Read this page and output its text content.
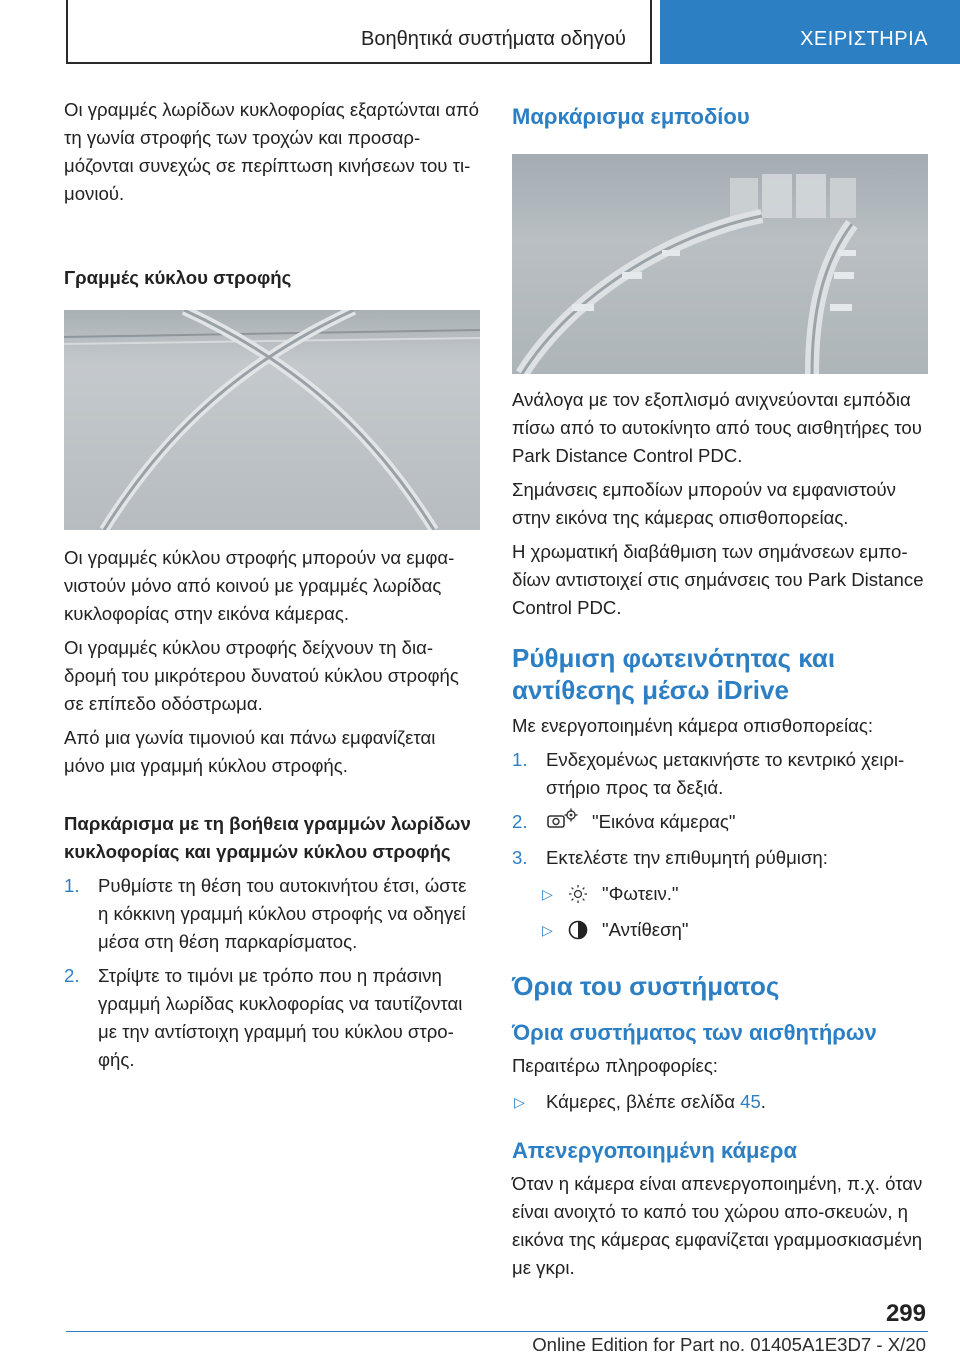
Βοηθητικά συστήματα οδηγού	ΧΕΙΡΙΣΤΗΡΙΑ

Οι γραμμές λωρίδων κυκλοφορίας εξαρτώνται από τη γωνία στροφής των τροχών και προσαρ-μόζονται συνεχώς σε περίπτωση κινήσεων του τι-μονιού.

Γραμμές κύκλου στροφής

Οι γραμμές κύκλου στροφής μπορούν να εμφα-νιστούν μόνο από κοινού με γραμμές λωρίδας κυκλοφορίας στην εικόνα κάμερας.

Οι γραμμές κύκλου στροφής δείχνουν τη δια-δρομή του μικρότερου δυνατού κύκλου στροφής σε επίπεδο οδόστρωμα.

Από μια γωνία τιμονιού και πάνω εμφανίζεται μόνο μια γραμμή κύκλου στροφής.

Παρκάρισμα με τη βοήθεια γραμμών λωρίδων κυκλοφορίας και γραμμών κύκλου στροφής
1. Ρυθμίστε τη θέση του αυτοκινήτου έτσι, ώστε η κόκκινη γραμμή κύκλου στροφής να οδηγεί μέσα στη θέση παρκαρίσματος.
2. Στρίψτε το τιμόνι με τρόπο που η πράσινη γραμμή λωρίδας κυκλοφορίας να ταυτίζονται με την αντίστοιχη γραμμή του κύκλου στρο-φής.
Μαρκάρισμα εμποδίου

Ανάλογα με τον εξοπλισμό ανιχνεύονται εμπόδια πίσω από το αυτοκίνητο από τους αισθητήρες του Park Distance Control PDC.

Σημάνσεις εμποδίων μπορούν να εμφανιστούν στην εικόνα της κάμερας οπισθοπορείας.

Η χρωματική διαβάθμιση των σημάνσεων εμπο-δίων αντιστοιχεί στις σημάνσεις του Park Distance Control PDC.

Ρύθμιση φωτεινότητας και αντίθεσης μέσω iDrive

Με ενεργοποιημένη κάμερα οπισθοπορείας:

1. Ενδεχομένως μετακινήστε το κεντρικό χειρι-στήριο προς τα δεξιά.
2.	"Εικόνα κάμερας"
3. Εκτελέστε την επιθυμητή ρύθμιση:
▷	"Φωτειν."
▷	"Αντίθεση"
Όρια του συστήματος
Όρια συστήματος των αισθητήρων

Περαιτέρω πληροφορίες:

▷ Κάμερες, βλέπε σελίδα 45.
Απενεργοποιημένη κάμερα

Όταν η κάμερα είναι απενεργοποιημένη, π.χ. όταν είναι ανοιχτό το καπό του χώρου απο-σκευών, η εικόνα της κάμερας εμφανίζεται γραμμοσκιασμένη με γκρι.

299
Online Edition for Part no. 01405A1E3D7 - X/20
